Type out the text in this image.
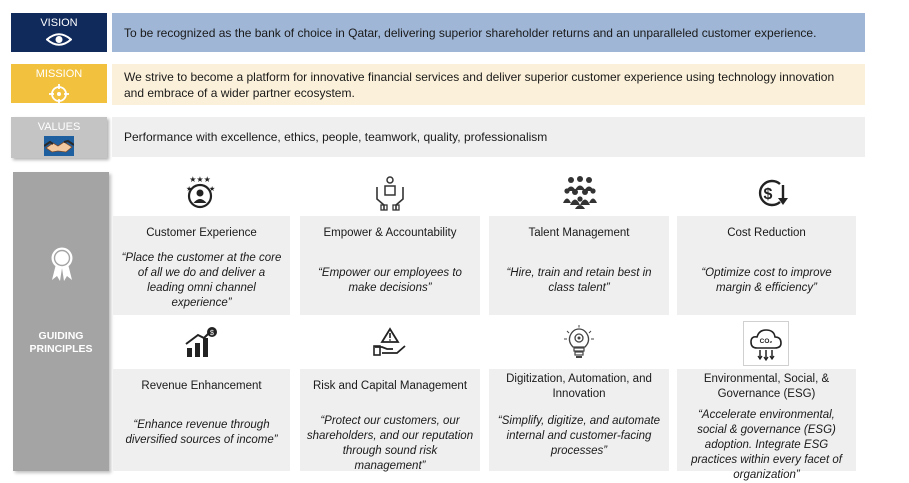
VISION
To be recognized as the bank of choice in Qatar, delivering superior shareholder returns and an unparalleled customer experience.
MISSION	We strive to become a platform for innovative financial services and deliver superior customer experience using technology innovation and embrace of a wider partner ecosystem.
VALUES
Performance with excellence, ethics, people, teamwork, quality, professionalism
GUIDING
PRINCIPLES
★★★
★ ★	$
Customer Experience
“Place the customer at the core of all we do and deliver a leading omni channel experience”
Empower & Accountability
“Empower our employees to make decisions”
Talent Management
“Hire, train and retain best in class talent”
Cost Reduction
“Optimize cost to improve margin & efficiency”
$
CO₂
Revenue Enhancement
“Enhance revenue through diversified sources of income”
Risk and Capital Management
“Protect our customers, our shareholders, and our reputation through sound risk management”
Digitization, Automation, and Innovation
“Simplify, digitize, and automate internal and customer-facing processes”
Environmental, Social, & Governance (ESG)
“Accelerate environmental, social & governance (ESG) adoption. Integrate ESG practices within every facet of organization”
